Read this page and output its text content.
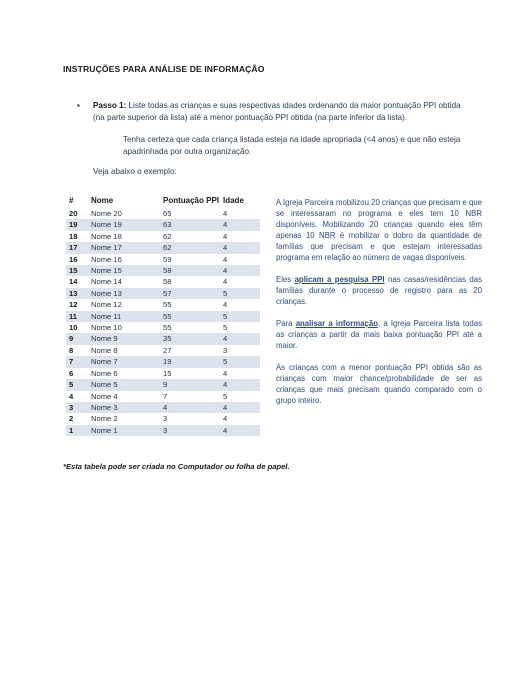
INSTRUÇÕES PARA ANÁLISE DE INFORMAÇÃO
▪ Passo 1: Liste todas as crianças e suas respectivas idades ordenando da maior pontuação PPI obtida (na parte superior da lista) até a menor pontuação PPI obtida (na parte inferior da lista).
Tenha certeza que cada criança listada esteja na idade apropriada (<4 anos) e que não esteja apadrinhada por outra organização.
Veja abaixo o exemplo:
#	Nome	Pontuação PPI	Idade
20	Nome 20	65	4
19	Nome 19	63	4
18	Nome 18	62	4
17	Nome 17	62	4
16	Nome 16	59	4
15	Nome 15	58	4
14	Nome 14	58	4
13	Nome 13	57	5
12	Nome 12	55	4
11	Nome 11	55	5
10	Nome 10	55	5
9	Nome 9	35	4
8	Nome 8	27	3
7	Nome 7	19	5
6	Nome 6	15	4
5	Nome 5	9	4
4	Nome 4	7	5
3	Nome 3	4	4
2	Nome 2	3	4
1	Nome 1	3	4

A Igreja Parceira mobilizou 20 crianças que precisam e que se interessaram no programa e eles tem 10 NBR disponíveis. Mobilizando 20 crianças quando eles têm apenas 10 NBR é mobilizar o dobro da quantidade de famílias que precisam e que estejam interessadas programa em relação ao número de vagas disponíveis.

Eles aplicam a pesquisa PPI nas casas/residências das famílias durante o processo de registro para as 20 crianças.

Para analisar a informação, a Igreja Parceira lista todas as crianças a partir da mais baixa pontuação PPI até a maior.

As crianças com a menor pontuação PPI obtida são as crianças com maior chance/probabilidade de ser as crianças que mais precisam quando comparado com o grupo inteiro.

*Esta tabela pode ser criada no Computador ou folha de papel.
